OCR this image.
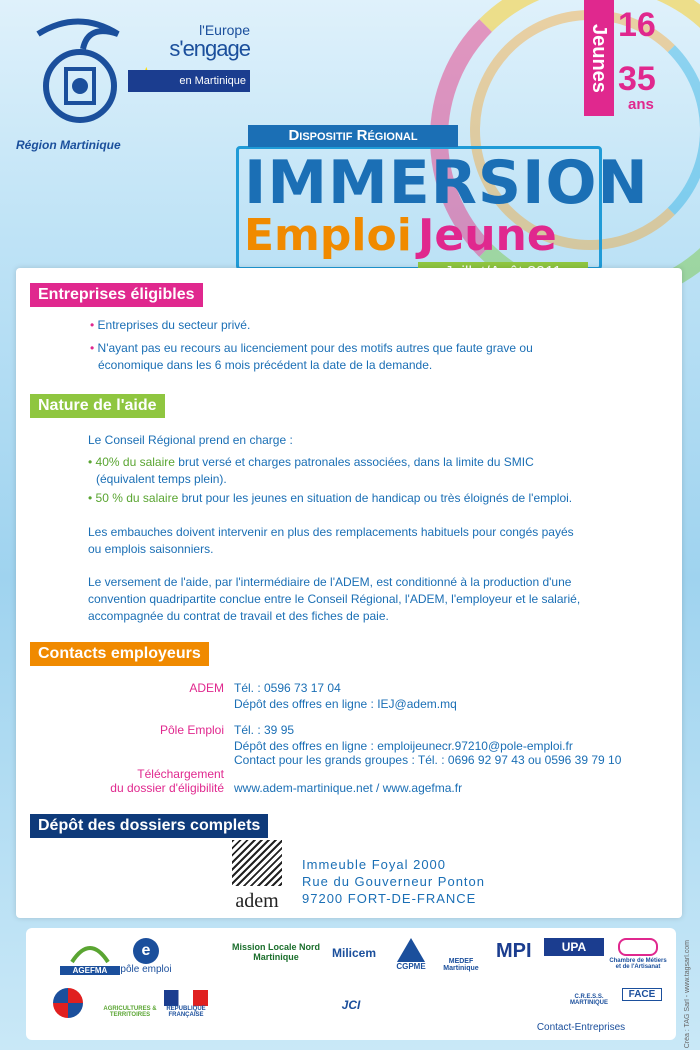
Région Martinique
l'Europe
s'engage
en Martinique	Jeunes 16
35
ans
Dispositif Régional
IMMERSION
Emploi Jeune
Entreprises éligibles
• Entreprises du secteur privé.
• N'ayant pas eu recours au licenciement pour des motifs autres que faute grave ou
économique dans les 6 mois précédent la date de la demande.
Nature de l'aide
Le Conseil Régional prend en charge :
• 40% du salaire brut versé et charges patronales associées, dans la limite du SMIC
(équivalent temps plein).
• 50 % du salaire brut pour les jeunes en situation de handicap ou très éloignés de l'emploi.
Les embauches doivent intervenir en plus des remplacements habituels pour congés payés
ou emplois saisonniers.
Le versement de l'aide, par l'intermédiaire de l'ADEM, est conditionné à la production d'une
convention quadripartite conclue entre le Conseil Régional, l'ADEM, l'employeur et le salarié,
accompagnée du contrat de travail et des fiches de paie.
Contacts employeurs
ADEM Tél. : 0596 73 17 04
Dépôt des offres en ligne : IEJ@adem.mq
Pôle Emploi Tél. : 39 95
Dépôt des offres en ligne : emploijeunecr.97210@pole-emploi.fr
Contact pour les grands groupes : Tél. : 0696 92 97 43 ou 0596 39 79 10
Téléchargement
du dossier d'éligibilité www.adem-martinique.net / www.agefma.fr
Dépôt des dossiers complets
adem
Immeuble Foyal 2000
Rue du Gouverneur Ponton
97200 FORT-DE-FRANCE
AGEFMA
e
pôle emploi
Mission Locale Nord Martinique	Milicem
CGPME
MEDEF Martinique
MPI	UPA
Chambre de Métiers et de l'Artisanat
AGRICULTURES & TERRITOIRES
RÉPUBLIQUE FRANÇAISE
JCI
C.R.E.S.S. MARTINIQUE
FACE
Contact-Entreprises	Créa : TAG Sarl - www.tagsarl.com
